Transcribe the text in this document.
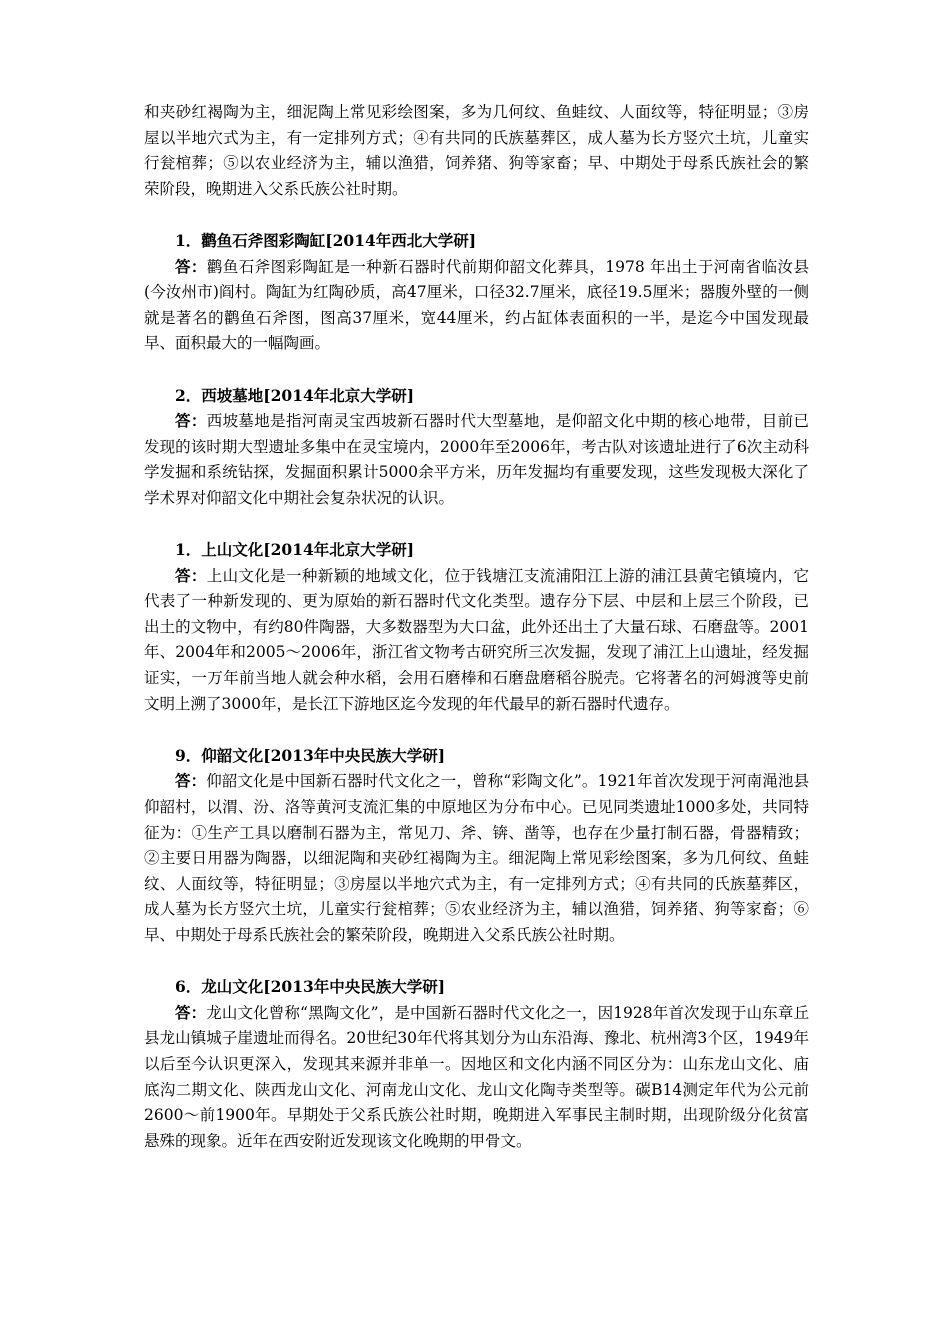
和夹砂红褐陶为主，细泥陶上常见彩绘图案，多为几何纹、鱼蛙纹、人面纹等，特征明显；③房屋以半地穴式为主，有一定排列方式；④有共同的氏族墓葬区，成人墓为长方竖穴土坑，儿童实行瓮棺葬；⑤以农业经济为主，辅以渔猎，饲养猪、狗等家畜；早、中期处于母系氏族社会的繁荣阶段，晚期进入父系氏族公社时期。

1．鹳鱼石斧图彩陶缸[2014年西北大学研]

答：鹳鱼石斧图彩陶缸是一种新石器时代前期仰韶文化葬具，1978 年出土于河南省临汝县(今汝州市)阎村。陶缸为红陶砂质，高47厘米，口径32.7厘米，底径19.5厘米；器腹外壁的一侧就是著名的鹳鱼石斧图，图高37厘米，宽44厘米，约占缸体表面积的一半，是迄今中国发现最早、面积最大的一幅陶画。

2．西坡墓地[2014年北京大学研]

答：西坡墓地是指河南灵宝西坡新石器时代大型墓地，是仰韶文化中期的核心地带，目前已发现的该时期大型遗址多集中在灵宝境内，2000年至2006年，考古队对该遗址进行了6次主动科学发掘和系统钻探，发掘面积累计5000余平方米，历年发掘均有重要发现，这些发现极大深化了学术界对仰韶文化中期社会复杂状况的认识。

1．上山文化[2014年北京大学研]

答：上山文化是一种新颖的地域文化，位于钱塘江支流浦阳江上游的浦江县黄宅镇境内，它代表了一种新发现的、更为原始的新石器时代文化类型。遗存分下层、中层和上层三个阶段，已出土的文物中，有约80件陶器，大多数器型为大口盆，此外还出土了大量石球、石磨盘等。2001年、2004年和2005～2006年，浙江省文物考古研究所三次发掘，发现了浦江上山遗址，经发掘证实，一万年前当地人就会种水稻，会用石磨棒和石磨盘磨稻谷脱壳。它将著名的河姆渡等史前文明上溯了3000年，是长江下游地区迄今发现的年代最早的新石器时代遗存。

9．仰韶文化[2013年中央民族大学研]

答：仰韶文化是中国新石器时代文化之一，曾称“彩陶文化”。1921年首次发现于河南渑池县仰韶村，以渭、汾、洛等黄河支流汇集的中原地区为分布中心。已见同类遗址1000多处，共同特征为：①生产工具以磨制石器为主，常见刀、斧、锛、凿等，也存在少量打制石器，骨器精致；②主要日用器为陶器，以细泥陶和夹砂红褐陶为主。细泥陶上常见彩绘图案，多为几何纹、鱼蛙纹、人面纹等，特征明显；③房屋以半地穴式为主，有一定排列方式；④有共同的氏族墓葬区，成人墓为长方竖穴土坑，儿童实行瓮棺葬；⑤农业经济为主，辅以渔猎，饲养猪、狗等家畜；⑥早、中期处于母系氏族社会的繁荣阶段，晚期进入父系氏族公社时期。

6．龙山文化[2013年中央民族大学研]

答：龙山文化曾称“黑陶文化”，是中国新石器时代文化之一，因1928年首次发现于山东章丘县龙山镇城子崖遗址而得名。20世纪30年代将其划分为山东沿海、豫北、杭州湾3个区，1949年以后至今认识更深入，发现其来源并非单一。因地区和文化内涵不同区分为：山东龙山文化、庙底沟二期文化、陕西龙山文化、河南龙山文化、龙山文化陶寺类型等。碳B14测定年代为公元前2600～前1900年。早期处于父系氏族公社时期，晚期进入军事民主制时期，出现阶级分化贫富悬殊的现象。近年在西安附近发现该文化晚期的甲骨文。
